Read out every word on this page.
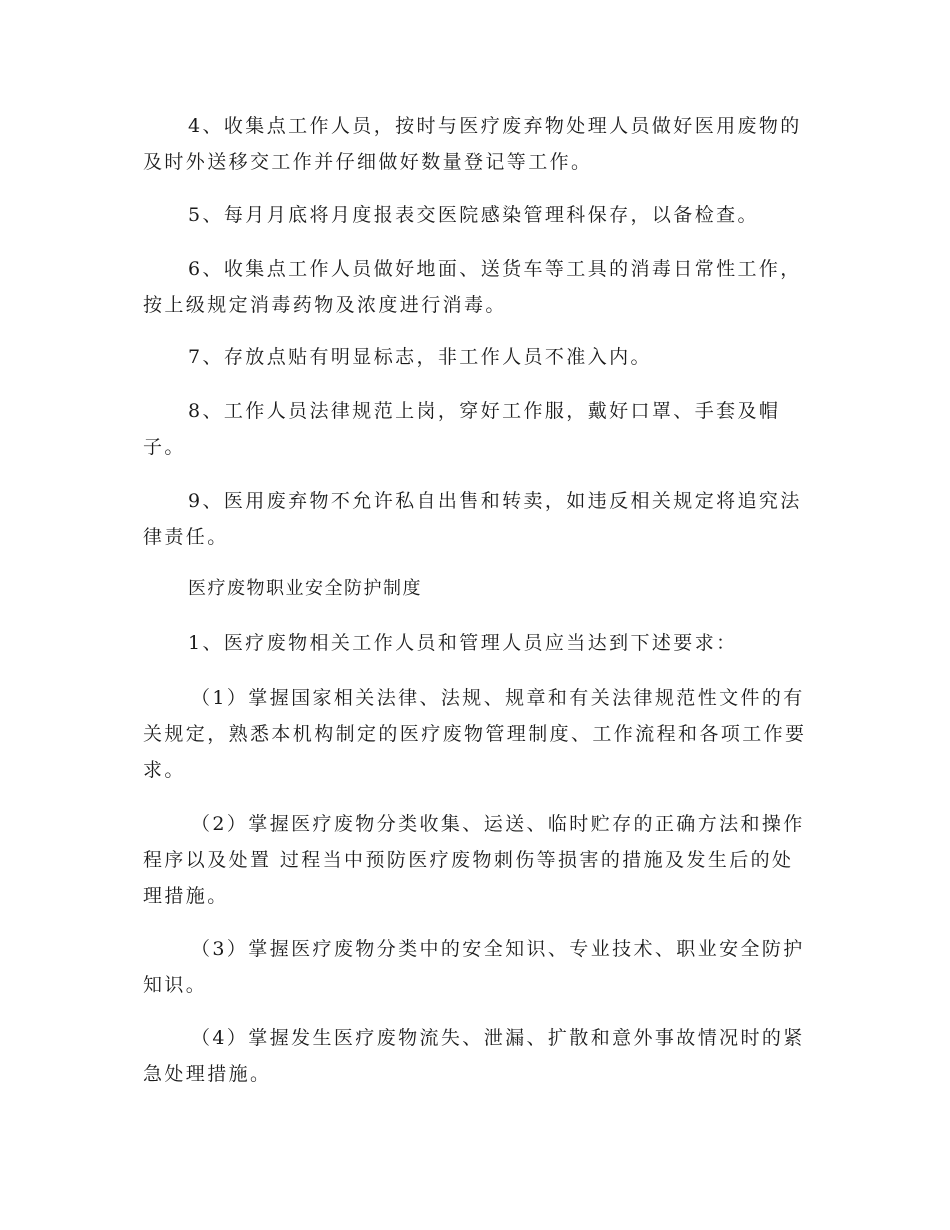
4、收集点工作人员，按时与医疗废弃物处理人员做好医用废物的及时外送移交工作并仔细做好数量登记等工作。

5、每月月底将月度报表交医院感染管理科保存，以备检查。

6、收集点工作人员做好地面、送货车等工具的消毒日常性工作，按上级规定消毒药物及浓度进行消毒。

7、存放点贴有明显标志，非工作人员不准入内。

8、工作人员法律规范上岗，穿好工作服，戴好口罩、手套及帽子。

9、医用废弃物不允许私自出售和转卖，如违反相关规定将追究法律责任。

医疗废物职业安全防护制度

1、医疗废物相关工作人员和管理人员应当达到下述要求：

（1）掌握国家相关法律、法规、规章和有关法律规范性文件的有关规定，熟悉本机构制定的医疗废物管理制度、工作流程和各项工作要求。

（2）掌握医疗废物分类收集、运送、临时贮存的正确方法和操作程序以及处置 过程当中预防医疗废物刺伤等损害的措施及发生后的处理措施。

（3）掌握医疗废物分类中的安全知识、专业技术、职业安全防护知识。

（4）掌握发生医疗废物流失、泄漏、扩散和意外事故情况时的紧急处理措施。
